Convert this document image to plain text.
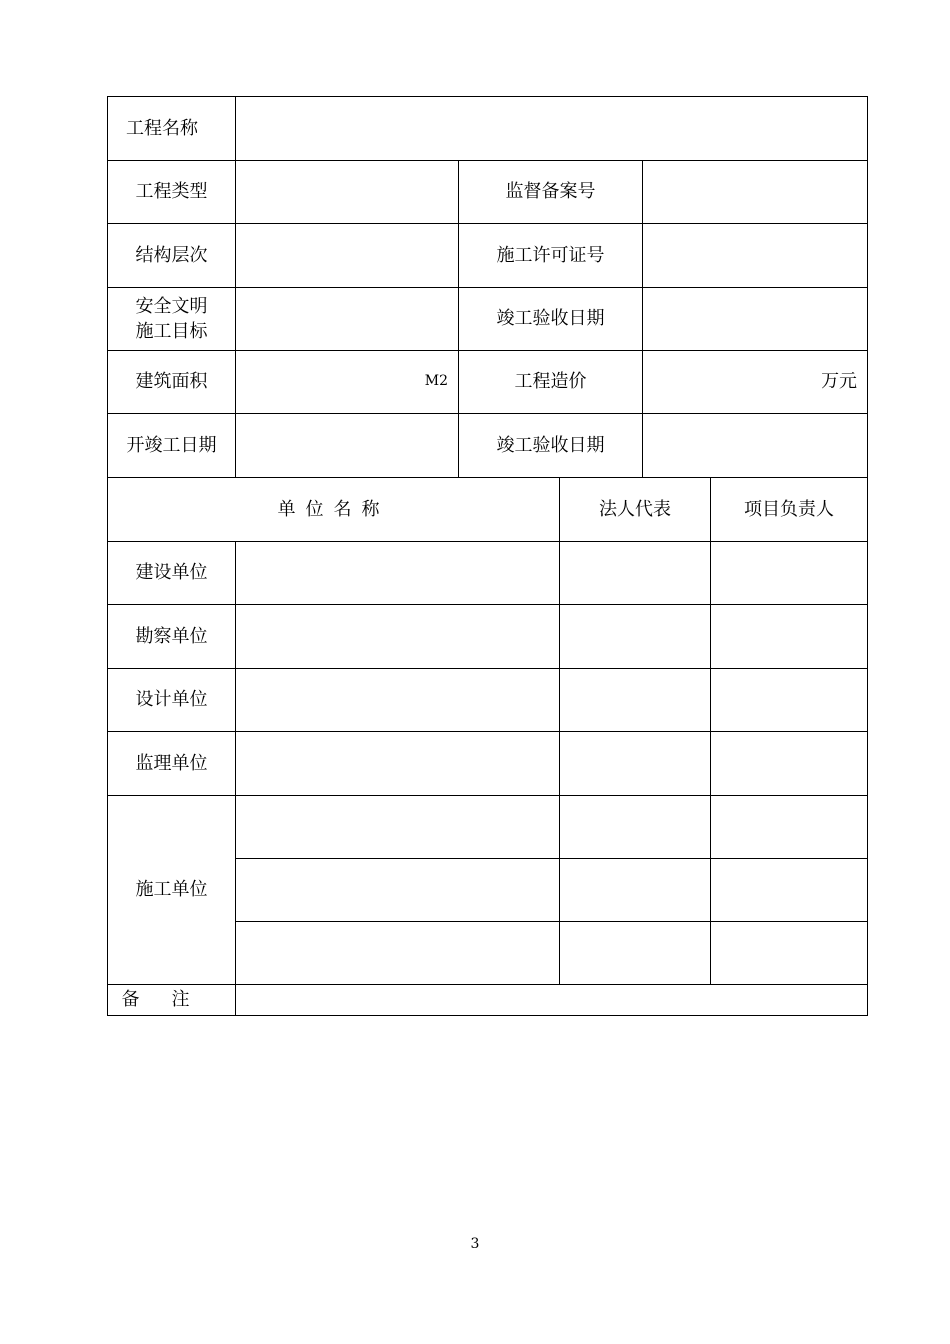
工程名称					
工程类型		监督备案号			
结构层次		施工许可证号			

安全文明
施工目标		竣工验收日期			
建筑面积	M2	工程造价		万元	
开竣工日期		竣工验收日期			
单位名称			法人代表		项目负责人
建设单位					
勘察单位					
设计单位					
监理单位					
施工单位					

备注					
3
